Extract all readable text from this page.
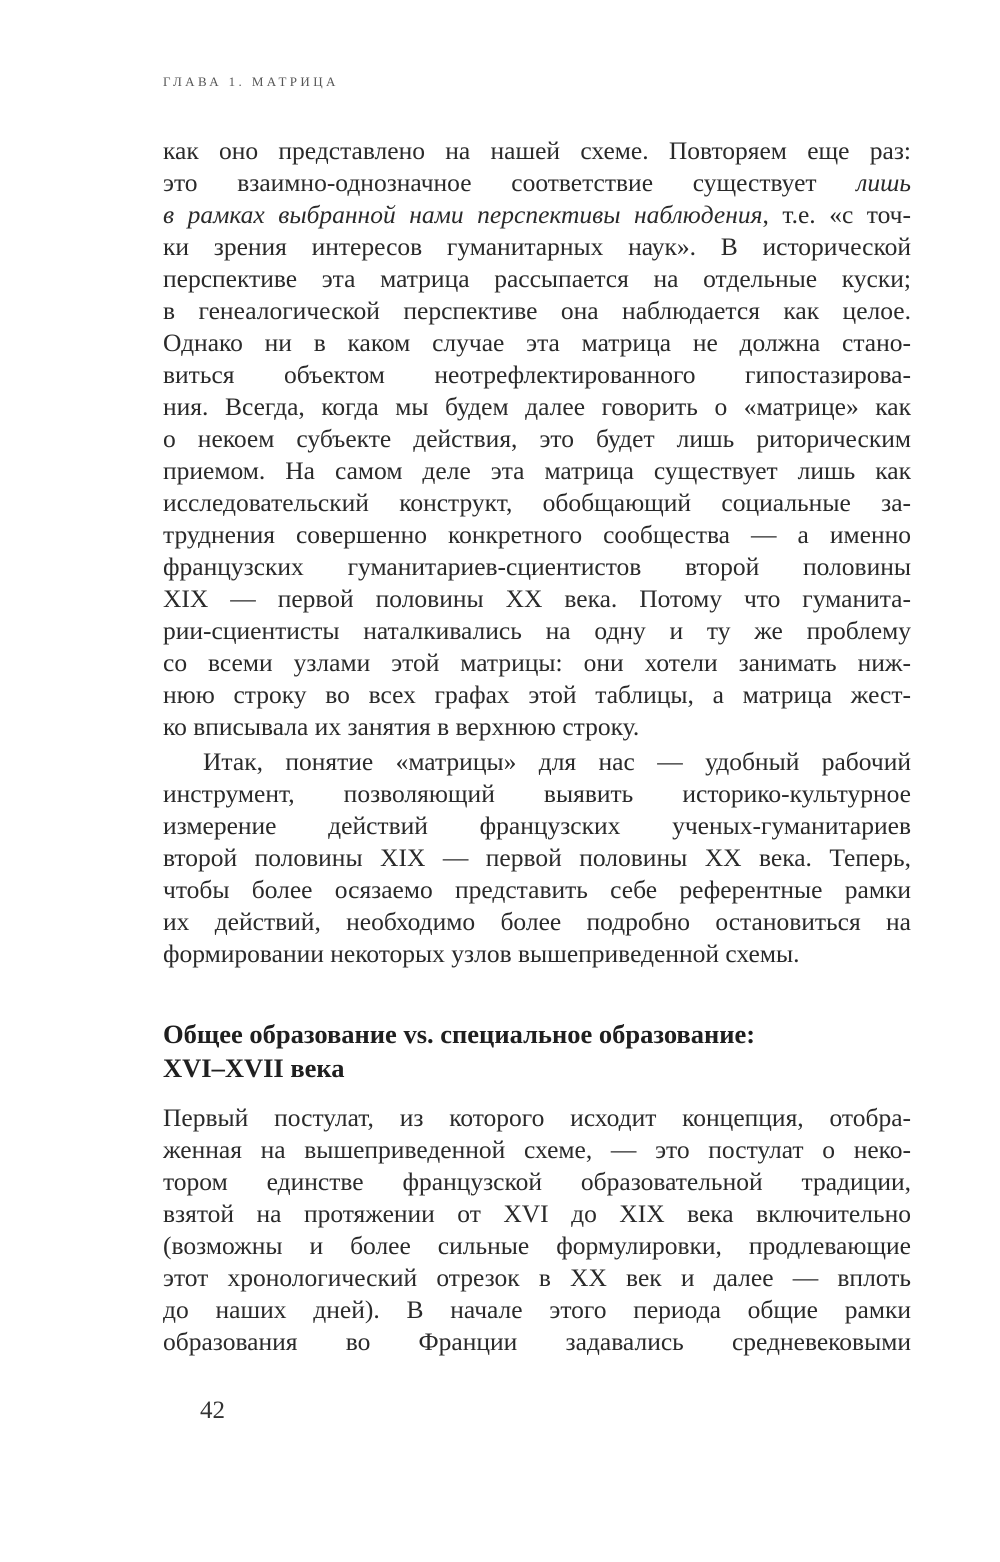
ГЛАВА 1. МАТРИЦА
как оно представлено на нашей схеме. Повторяем еще раз:
это взаимно-однозначное соответствие существует лишь
в рамках выбранной нами перспективы наблюдения, т.е. «с точ-
ки зрения интересов гуманитарных наук». В исторической
перспективе эта матрица рассыпается на отдельные куски;
в генеалогической перспективе она наблюдается как целое.
Однако ни в каком случае эта матрица не должна стано-
виться объектом неотрефлектированного гипостазирова-
ния. Всегда, когда мы будем далее говорить о «матрице» как
о некоем субъекте действия, это будет лишь риторическим
приемом. На самом деле эта матрица существует лишь как
исследовательский конструкт, обобщающий социальные за-
труднения совершенно конкретного сообщества — а именно
французских гуманитариев-сциентистов второй половины
XIX — первой половины XX века. Потому что гуманита-
рии-сциентисты наталкивались на одну и ту же проблему
со всеми узлами этой матрицы: они хотели занимать ниж-
нюю строку во всех графах этой таблицы, а матрица жест-
ко вписывала их занятия в верхнюю строку.
Итак, понятие «матрицы» для нас — удобный рабочий
инструмент, позволяющий выявить историко-культурное
измерение действий французских ученых-гуманитариев
второй половины XIX — первой половины XX века. Теперь,
чтобы более осязаемо представить себе референтные рамки
их действий, необходимо более подробно остановиться на
формировании некоторых узлов вышеприведенной схемы.
Общее образование vs. специальное образование:
XVI–XVII века
Первый постулат, из которого исходит концепция, отобра-
женная на вышеприведенной схеме, — это постулат о неко-
тором единстве французской образовательной традиции,
взятой на протяжении от XVI до XIX века включительно
(возможны и более сильные формулировки, продлевающие
этот хронологический отрезок в XX век и далее — вплоть
до наших дней). В начале этого периода общие рамки
образования во Франции задавались средневековыми
42
